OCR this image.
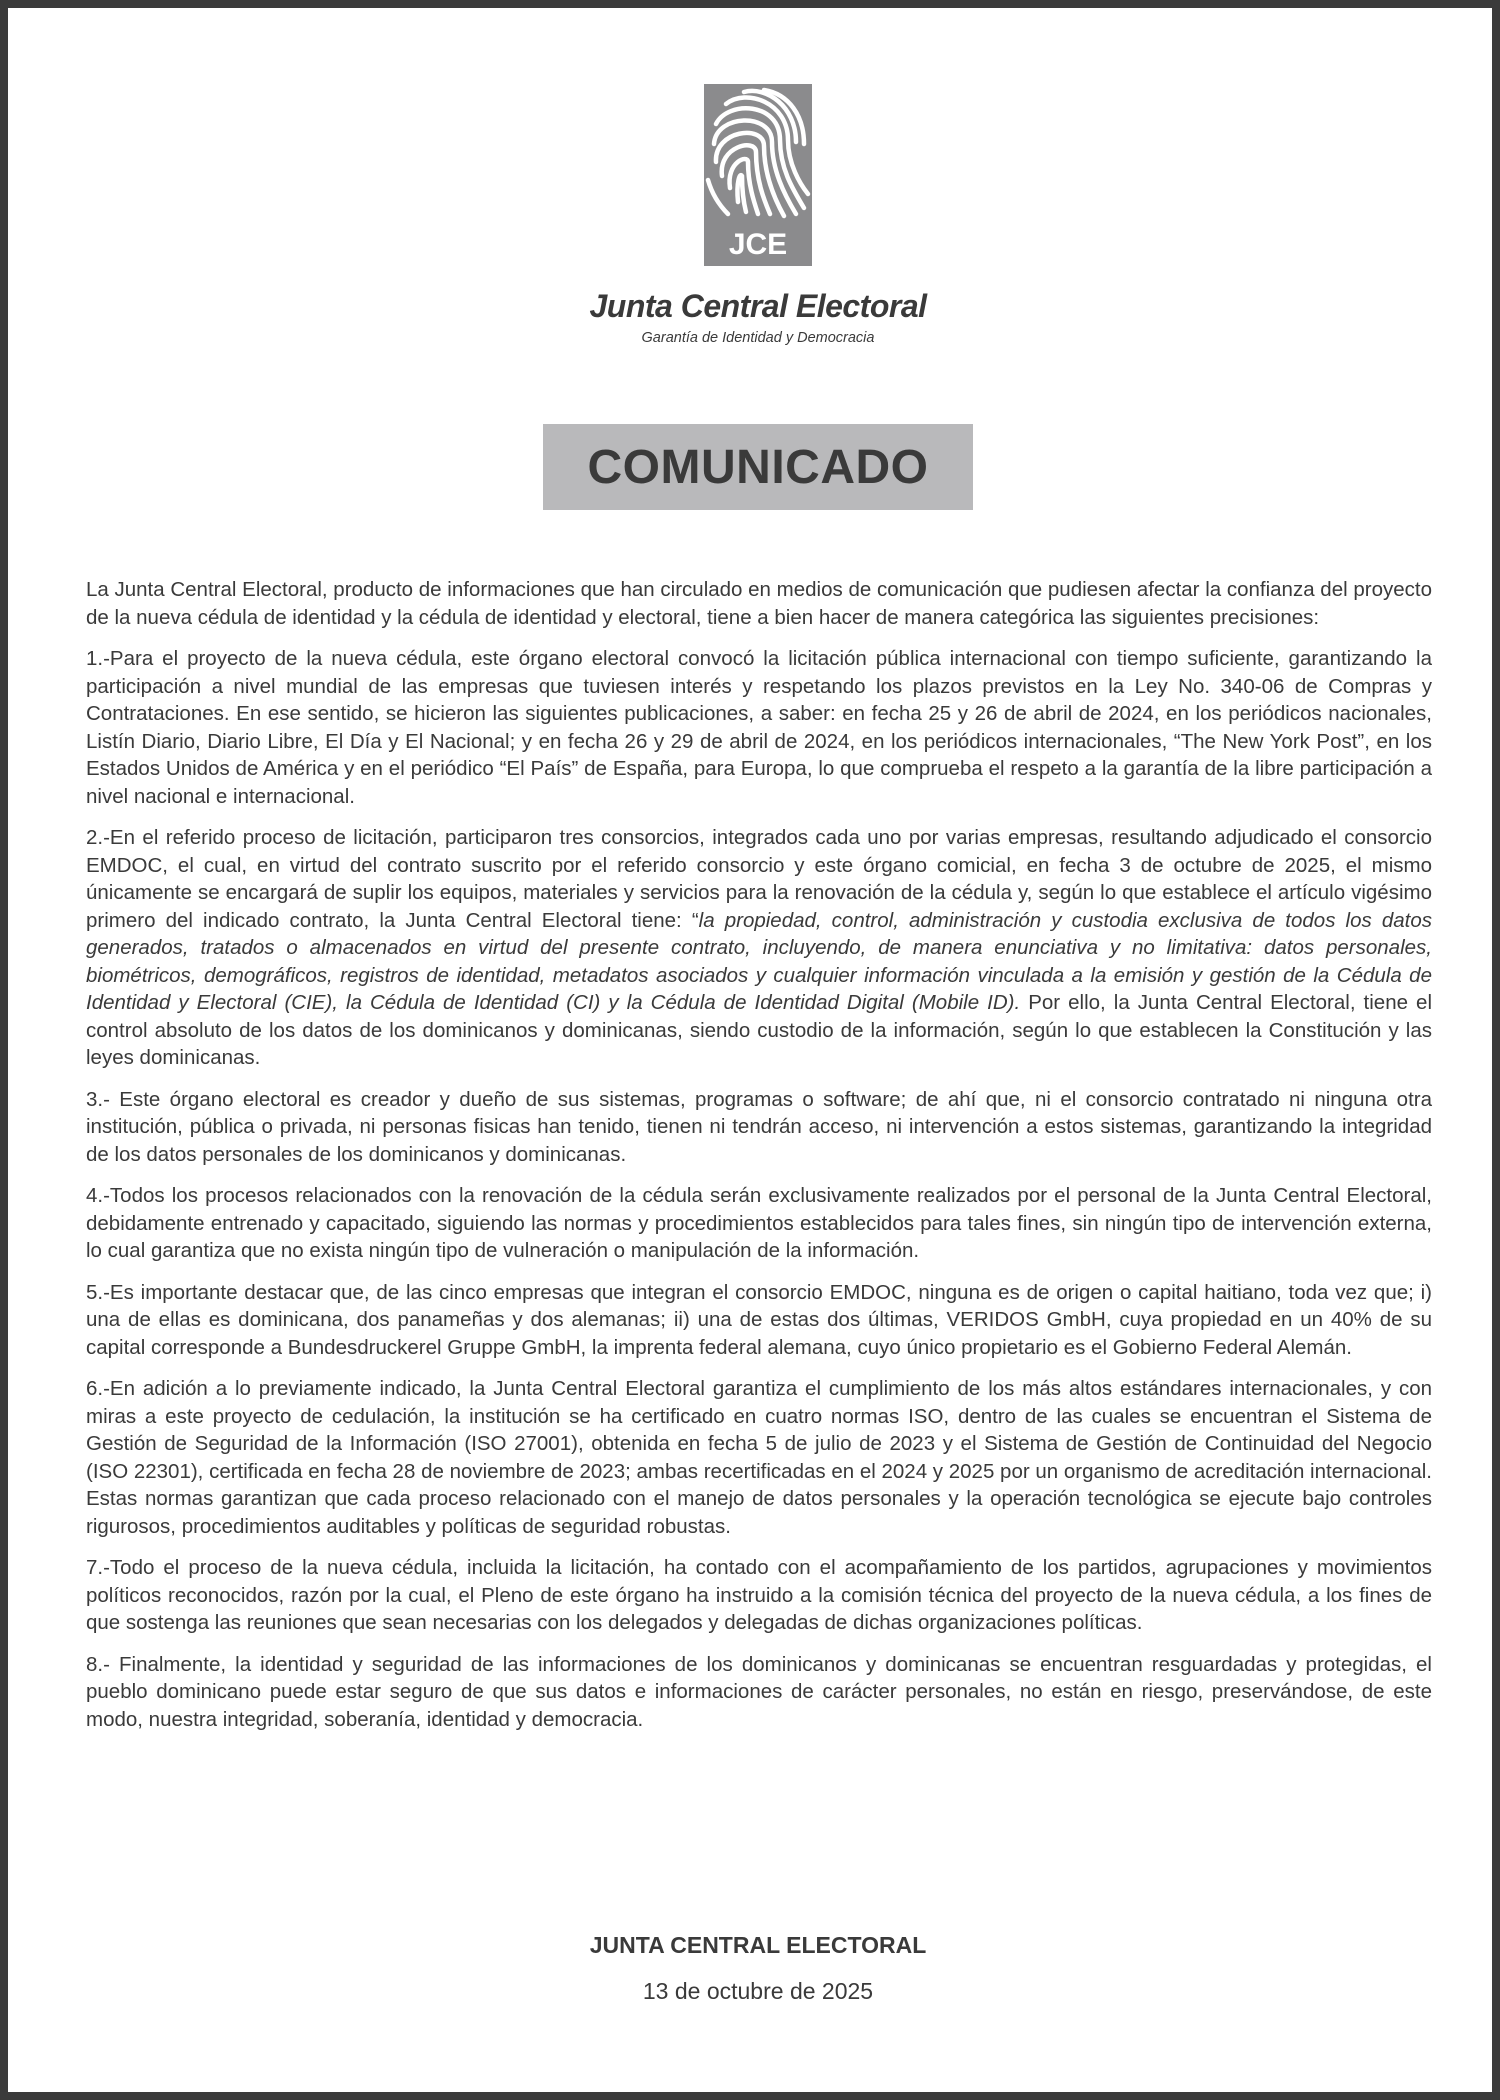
JCE
Junta Central Electoral
Garantía de Identidad y Democracia
COMUNICADO

La Junta Central Electoral, producto de informaciones que han circulado en medios de comunicación que pudiesen afectar la confianza del proyecto de la nueva cédula de identidad y la cédula de identidad y electoral, tiene a bien hacer de manera categórica las siguientes precisiones:

1.-Para el proyecto de la nueva cédula, este órgano electoral convocó la licitación pública internacional con tiempo suficiente, garantizando la participación a nivel mundial de las empresas que tuviesen interés y respetando los plazos previstos en la Ley No. 340-06 de Compras y Contrataciones. En ese sentido, se hicieron las siguientes publicaciones, a saber: en fecha 25 y 26 de abril de 2024, en los periódicos nacionales, Listín Diario, Diario Libre, El Día y El Nacional; y en fecha 26 y 29 de abril de 2024, en los periódicos internacionales, “The New York Post”, en los Estados Unidos de América y en el periódico “El País” de España, para Europa, lo que comprueba el respeto a la garantía de la libre participación a nivel nacional e internacional.

2.-En el referido proceso de licitación, participaron tres consorcios, integrados cada uno por varias empresas, resultando adjudicado el consorcio EMDOC, el cual, en virtud del contrato suscrito por el referido consorcio y este órgano comicial, en fecha 3 de octubre de 2025, el mismo únicamente se encargará de suplir los equipos, materiales y servicios para la renovación de la cédula y, según lo que establece el artículo vigésimo primero del indicado contrato, la Junta Central Electoral tiene: “la propiedad, control, administración y custodia exclusiva de todos los datos generados, tratados o almacenados en virtud del presente contrato, incluyendo, de manera enunciativa y no limitativa: datos personales, biométricos, demográficos, registros de identidad, metadatos asociados y cualquier información vinculada a la emisión y gestión de la Cédula de Identidad y Electoral (CIE), la Cédula de Identidad (CI) y la Cédula de Identidad Digital (Mobile ID). Por ello, la Junta Central Electoral, tiene el control absoluto de los datos de los dominicanos y dominicanas, siendo custodio de la información, según lo que establecen la Constitución y las leyes dominicanas.

3.- Este órgano electoral es creador y dueño de sus sistemas, programas o software; de ahí que, ni el consorcio contratado ni ninguna otra institución, pública o privada, ni personas fisicas han tenido, tienen ni tendrán acceso, ni intervención a estos sistemas, garantizando la integridad de los datos personales de los dominicanos y dominicanas.

4.-Todos los procesos relacionados con la renovación de la cédula serán exclusivamente realizados por el personal de la Junta Central Electoral, debidamente entrenado y capacitado, siguiendo las normas y procedimientos establecidos para tales fines, sin ningún tipo de intervención externa, lo cual garantiza que no exista ningún tipo de vulneración o manipulación de la información.

5.-Es importante destacar que, de las cinco empresas que integran el consorcio EMDOC, ninguna es de origen o capital haitiano, toda vez que; i) una de ellas es dominicana, dos panameñas y dos alemanas; ii) una de estas dos últimas, VERIDOS GmbH, cuya propiedad en un 40% de su capital corresponde a Bundesdruckerel Gruppe GmbH, la imprenta federal alemana, cuyo único propietario es el Gobierno Federal Alemán.

6.-En adición a lo previamente indicado, la Junta Central Electoral garantiza el cumplimiento de los más altos estándares internacionales, y con miras a este proyecto de cedulación, la institución se ha certificado en cuatro normas ISO, dentro de las cuales se encuentran el Sistema de Gestión de Seguridad de la Información (ISO 27001), obtenida en fecha 5 de julio de 2023 y el Sistema de Gestión de Continuidad del Negocio (ISO 22301), certificada en fecha 28 de noviembre de 2023; ambas recertificadas en el 2024 y 2025 por un organismo de acreditación internacional. Estas normas garantizan que cada proceso relacionado con el manejo de datos personales y la operación tecnológica se ejecute bajo controles rigurosos, procedimientos auditables y políticas de seguridad robustas.

7.-Todo el proceso de la nueva cédula, incluida la licitación, ha contado con el acompañamiento de los partidos, agrupaciones y movimientos políticos reconocidos, razón por la cual, el Pleno de este órgano ha instruido a la comisión técnica del proyecto de la nueva cédula, a los fines de que sostenga las reuniones que sean necesarias con los delegados y delegadas de dichas organizaciones políticas.

8.- Finalmente, la identidad y seguridad de las informaciones de los dominicanos y dominicanas se encuentran resguardadas y protegidas, el pueblo dominicano puede estar seguro de que sus datos e informaciones de carácter personales, no están en riesgo, preservándose, de este modo, nuestra integridad, soberanía, identidad y democracia.

JUNTA CENTRAL ELECTORAL
13 de octubre de 2025
